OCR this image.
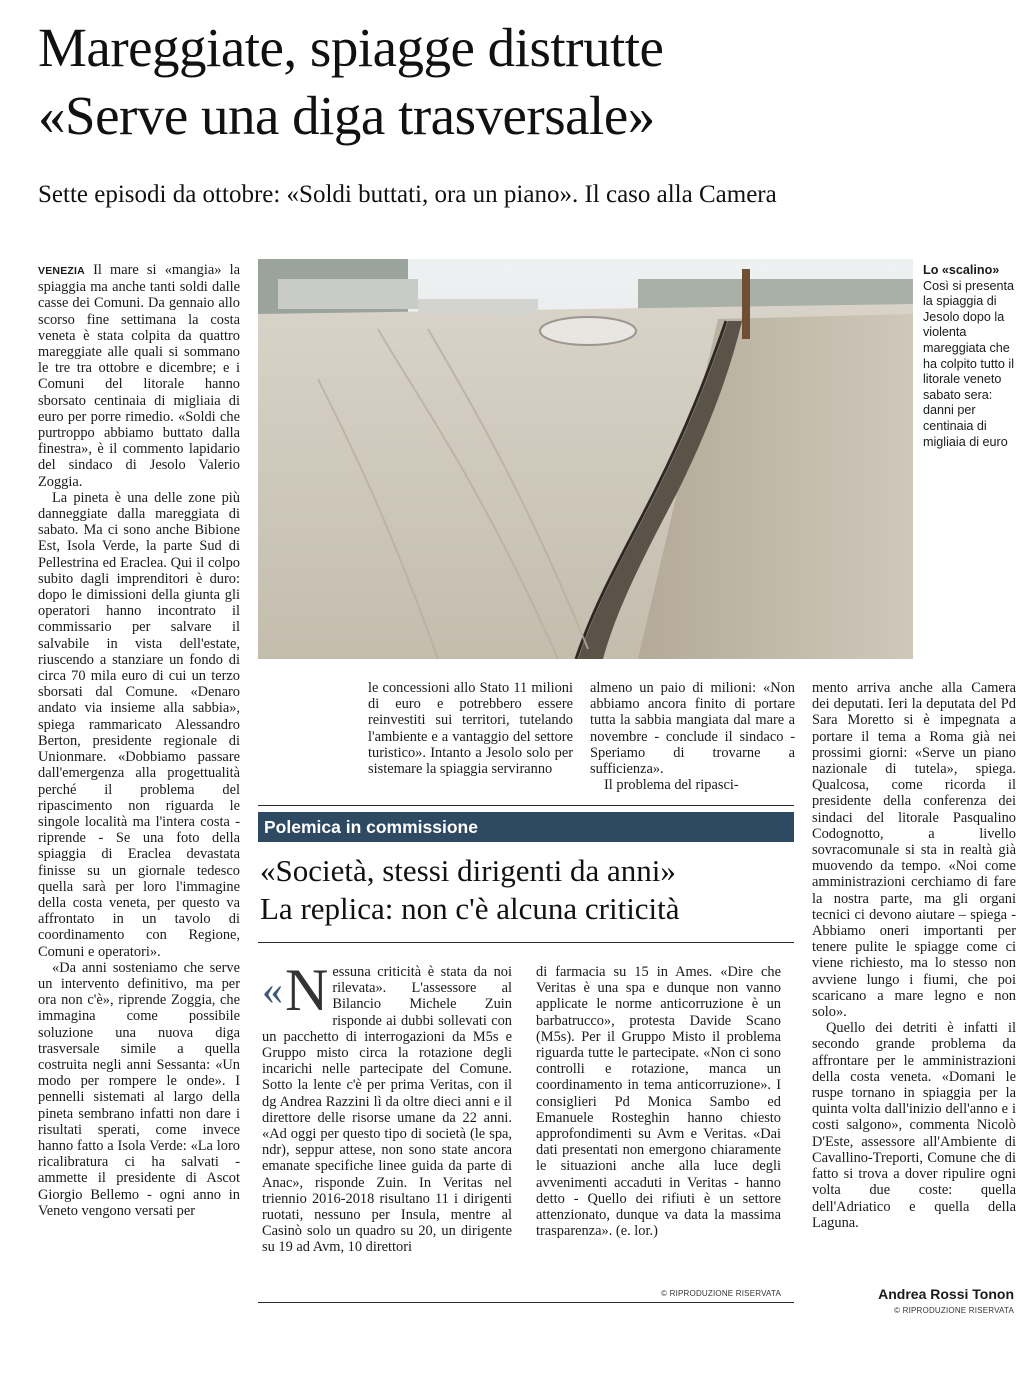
Mareggiate, spiagge distrutte
«Serve una diga trasversale»
Sette episodi da ottobre: «Soldi buttati, ora un piano». Il caso alla Camera

VENEZIA Il mare si «mangia» la spiaggia ma anche tanti soldi dalle casse dei Comuni. Da gennaio allo scorso fine settimana la costa veneta è stata colpita da quattro mareggiate alle quali si sommano le tre tra ottobre e dicembre; e i Comuni del litorale hanno sborsato centinaia di migliaia di euro per porre rimedio. «Soldi che purtroppo abbiamo buttato dalla finestra», è il commento lapidario del sindaco di Jesolo Valerio Zoggia.

La pineta è una delle zone più danneggiate dalla mareggiata di sabato. Ma ci sono anche Bibione Est, Isola Verde, la parte Sud di Pellestrina ed Eraclea. Qui il colpo subito dagli imprenditori è duro: dopo le dimissioni della giunta gli operatori hanno incontrato il commissario per salvare il salvabile in vista dell'estate, riuscendo a stanziare un fondo di circa 70 mila euro di cui un terzo sborsati dal Comune. «Denaro andato via insieme alla sabbia», spiega rammaricato Alessandro Berton, presidente regionale di Unionmare. «Dobbiamo passare dall'emergenza alla progettualità perché il problema del ripascimento non riguarda le singole località ma l'intera costa - riprende - Se una foto della spiaggia di Eraclea devastata finisse su un giornale tedesco quella sarà per loro l'immagine della costa veneta, per questo va affrontato in un tavolo di coordinamento con Regione, Comuni e operatori».

«Da anni sosteniamo che serve un intervento definitivo, ma per ora non c'è», riprende Zoggia, che immagina come possibile soluzione una nuova diga trasversale simile a quella costruita negli anni Sessanta: «Un modo per rompere le onde». I pennelli sistemati al largo della pineta sembrano infatti non dare i risultati sperati, come invece hanno fatto a Isola Verde: «La loro ricalibratura ci ha salvati - ammette il presidente di Ascot Giorgio Bellemo - ogni anno in Veneto vengono versati per

Lo «scalino»
Così si presenta la spiaggia di Jesolo dopo la violenta mareggiata che ha colpito tutto il litorale veneto sabato sera: danni per centinaia di migliaia di euro

le concessioni allo Stato 11 milioni di euro e potrebbero essere reinvestiti sui territori, tutelando l'ambiente e a vantaggio del settore turistico». Intanto a Jesolo solo per sistemare la spiaggia serviranno

almeno un paio di milioni: «Non abbiamo ancora finito di portare tutta la sabbia mangiata dal mare a novembre - conclude il sindaco - Speriamo di trovarne a sufficienza».

Il problema del ripasci-

mento arriva anche alla Camera dei deputati. Ieri la deputata del Pd Sara Moretto si è impegnata a portare il tema a Roma già nei prossimi giorni: «Serve un piano nazionale di tutela», spiega. Qualcosa, come ricorda il presidente della conferenza dei sindaci del litorale Pasqualino Codognotto, a livello sovracomunale si sta in realtà già muovendo da tempo. «Noi come amministrazioni cerchiamo di fare la nostra parte, ma gli organi tecnici ci devono aiutare – spiega - Abbiamo oneri importanti per tenere pulite le spiagge come ci viene richiesto, ma lo stesso non avviene lungo i fiumi, che poi scaricano a mare legno e non solo».

Quello dei detriti è infatti il secondo grande problema da affrontare per le amministrazioni della costa veneta. «Domani le ruspe tornano in spiaggia per la quinta volta dall'inizio dell'anno e i costi salgono», commenta Nicolò D'Este, assessore all'Ambiente di Cavallino-Treporti, Comune che di fatto si trova a dover ripulire ogni volta due coste: quella dell'Adriatico e quella della Laguna.

Andrea Rossi Tonon
© RIPRODUZIONE RISERVATA
Polemica in commissione
«Società, stessi dirigenti da anni»
La replica: non c'è alcuna criticità

« N essuna criticità è stata da noi rilevata». L'assessore al Bilancio Michele Zuin risponde ai dubbi sollevati con un pacchetto di interrogazioni da M5s e Gruppo misto circa la rotazione degli incarichi nelle partecipate del Comune. Sotto la lente c'è per prima Veritas, con il dg Andrea Razzini lì da oltre dieci anni e il direttore delle risorse umane da 22 anni. «Ad oggi per questo tipo di società (le spa, ndr), seppur attese, non sono state ancora emanate specifiche linee guida da parte di Anac», risponde Zuin. In Veritas nel triennio 2016-2018 risultano 11 i dirigenti ruotati, nessuno per Insula, mentre al Casinò solo un quadro su 20, un dirigente su 19 ad Avm, 10 direttori

di farmacia su 15 in Ames. «Dire che Veritas è una spa e dunque non vanno applicate le norme anticorruzione è un barbatrucco», protesta Davide Scano (M5s). Per il Gruppo Misto il problema riguarda tutte le partecipate. «Non ci sono controlli e rotazione, manca un coordinamento in tema anticorruzione». I consiglieri Pd Monica Sambo ed Emanuele Rosteghin hanno chiesto approfondimenti su Avm e Veritas. «Dai dati presentati non emergono chiaramente le situazioni anche alla luce degli avvenimenti accaduti in Veritas - hanno detto - Quello dei rifiuti è un settore attenzionato, dunque va data la massima trasparenza». (e. lor.)

© RIPRODUZIONE RISERVATA
